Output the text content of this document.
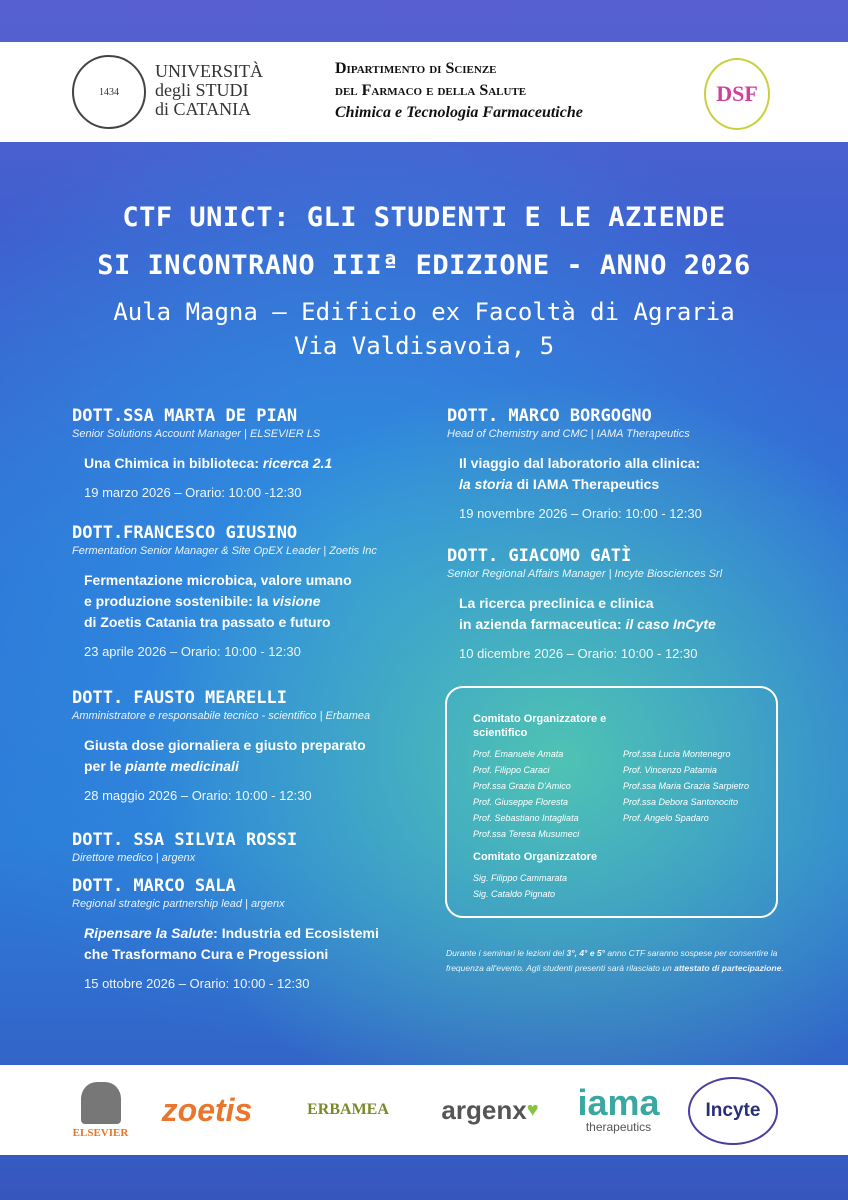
1434
UNIVERSITÀ
degli STUDI
di CATANIA
Dipartimento di Scienze
del Farmaco e della Salute
Chimica e Tecnologia Farmaceutiche
DSF
CTF UNICT: GLI STUDENTI E LE AZIENDE
SI INCONTRANO IIIª EDIZIONE - ANNO 2026
Aula Magna – Edificio ex Facoltà di Agraria
Via Valdisavoia, 5
DOTT.SSA MARTA DE PIAN
Senior Solutions Account Manager | ELSEVIER LS
Una Chimica in biblioteca: ricerca 2.1
19 marzo 2026 – Orario: 10:00 -12:30
DOTT.FRANCESCO GIUSINO
Fermentation Senior Manager & Site OpEX Leader | Zoetis Inc
Fermentazione microbica, valore umano
e produzione sostenibile: la visione
di Zoetis Catania tra passato e futuro
23 aprile 2026 – Orario: 10:00 - 12:30
DOTT. FAUSTO MEARELLI
Amministratore e responsabile tecnico - scientifico | Erbamea
Giusta dose giornaliera e giusto preparato
per le piante medicinali
28 maggio 2026 – Orario: 10:00 - 12:30
DOTT. SSA SILVIA ROSSI
Direttore medico | argenx
DOTT. MARCO SALA
Regional strategic partnership lead | argenx
Ripensare la Salute: Industria ed Ecosistemi
che Trasformano Cura e Progessioni
15 ottobre 2026 – Orario: 10:00 - 12:30
DOTT. MARCO BORGOGNO
Head of Chemistry and CMC | IAMA Therapeutics
Il viaggio dal laboratorio alla clinica:
la storia di IAMA Therapeutics
19 novembre 2026 – Orario: 10:00 - 12:30
DOTT. GIACOMO GATÌ
Senior Regional Affairs Manager | Incyte Biosciences Srl
La ricerca preclinica e clinica
in azienda farmaceutica: il caso InCyte
10 dicembre 2026 – Orario: 10:00 - 12:30
Comitato Organizzatore e scientifico
Prof. Emanuele Amata
Prof. Filippo Caraci
Prof.ssa Grazia D'Amico
Prof. Giuseppe Floresta
Prof. Sebastiano Intagliata
Prof.ssa Teresa Musumeci
Prof.ssa Lucia Montenegro
Prof. Vincenzo Patamia
Prof.ssa Maria Grazia Sarpietro
Prof.ssa Debora Santonocito
Prof. Angelo Spadaro
Comitato Organizzatore
Sig. Filippo Cammarata
Sig. Cataldo Pignato
Durante i seminari le lezioni del 3°, 4° e 5° anno CTF saranno sospese per consentire la frequenza all'evento. Agli studenti presenti sarà rilasciato un attestato di partecipazione.
ELSEVIER
zoetis	ERBAMEA	argenx ♥ iama
therapeutics
Incyte
